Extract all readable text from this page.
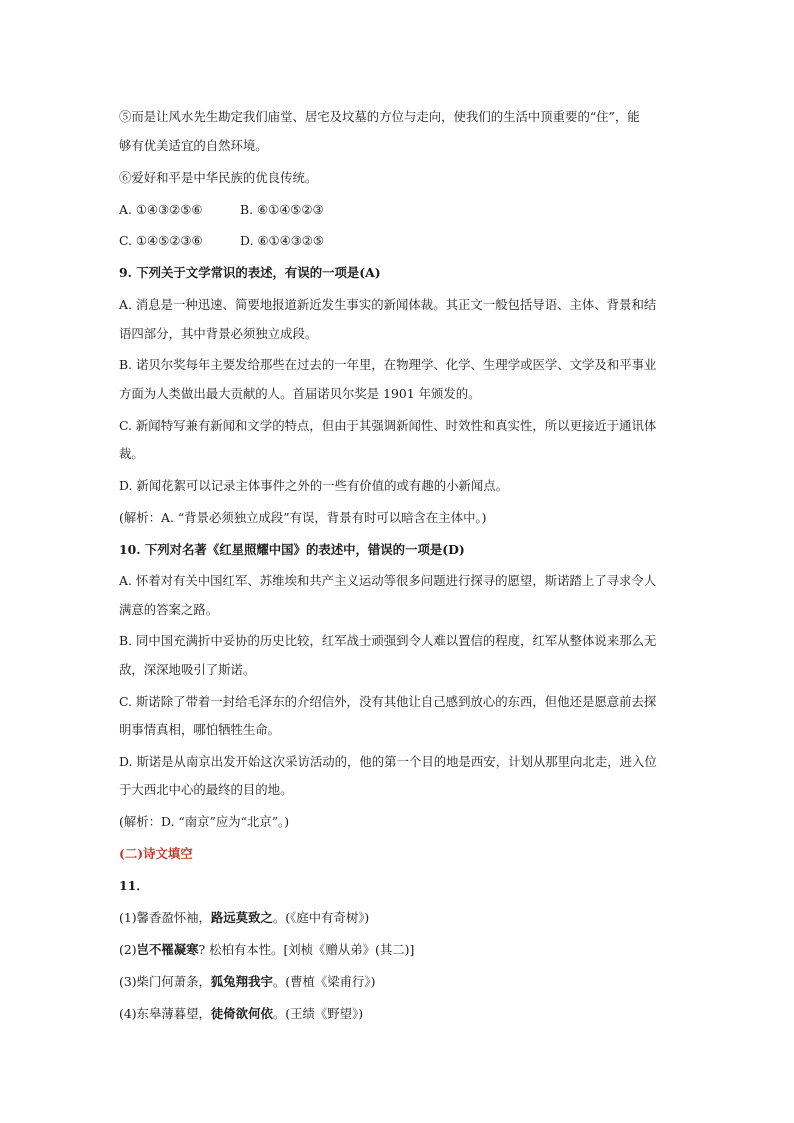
⑤而是让风水先生勘定我们庙堂、居宅及坟墓的方位与走向，使我们的生活中顶重要的“住”，能
够有优美适宜的自然环境。
⑥爱好和平是中华民族的优良传统。
A. ①④③②⑤⑥	B. ⑥①④⑤②③
C. ①④⑤②③⑥	D. ⑥①④③②⑤
9. 下列关于文学常识的表述，有误的一项是(A)
A. 消息是一种迅速、简要地报道新近发生事实的新闻体裁。其正文一般包括导语、主体、背景和结
语四部分，其中背景必须独立成段。
B. 诺贝尔奖每年主要发给那些在过去的一年里，在物理学、化学、生理学或医学、文学及和平事业
方面为人类做出最大贡献的人。首届诺贝尔奖是 1901 年颁发的。
C. 新闻特写兼有新闻和文学的特点，但由于其强调新闻性、时效性和真实性，所以更接近于通讯体
裁。
D. 新闻花絮可以记录主体事件之外的一些有价值的或有趣的小新闻点。
(解析：A. “背景必须独立成段”有误，背景有时可以暗含在主体中。)
10. 下列对名著《红星照耀中国》的表述中，错误的一项是(D)
A. 怀着对有关中国红军、苏维埃和共产主义运动等很多问题进行探寻的愿望，斯诺踏上了寻求令人
满意的答案之路。
B. 同中国充满折中妥协的历史比较，红军战士顽强到令人难以置信的程度，红军从整体说来那么无
敌，深深地吸引了斯诺。
C. 斯诺除了带着一封给毛泽东的介绍信外，没有其他让自己感到放心的东西，但他还是愿意前去探
明事情真相，哪怕牺牲生命。
D. 斯诺是从南京出发开始这次采访活动的，他的第一个目的地是西安，计划从那里向北走，进入位
于大西北中心的最终的目的地。
(解析：D. “南京”应为“北京”。)
(二)诗文填空
11．
(1)馨香盈怀袖，路远莫致之。(《庭中有奇树》)
(2)岂不罹凝寒? 松柏有本性。[刘桢《赠从弟》(其二)]
(3)柴门何萧条，狐兔翔我宇。(曹植《梁甫行》)
(4)东皋薄暮望，徒倚欲何依。(王绩《野望》)
